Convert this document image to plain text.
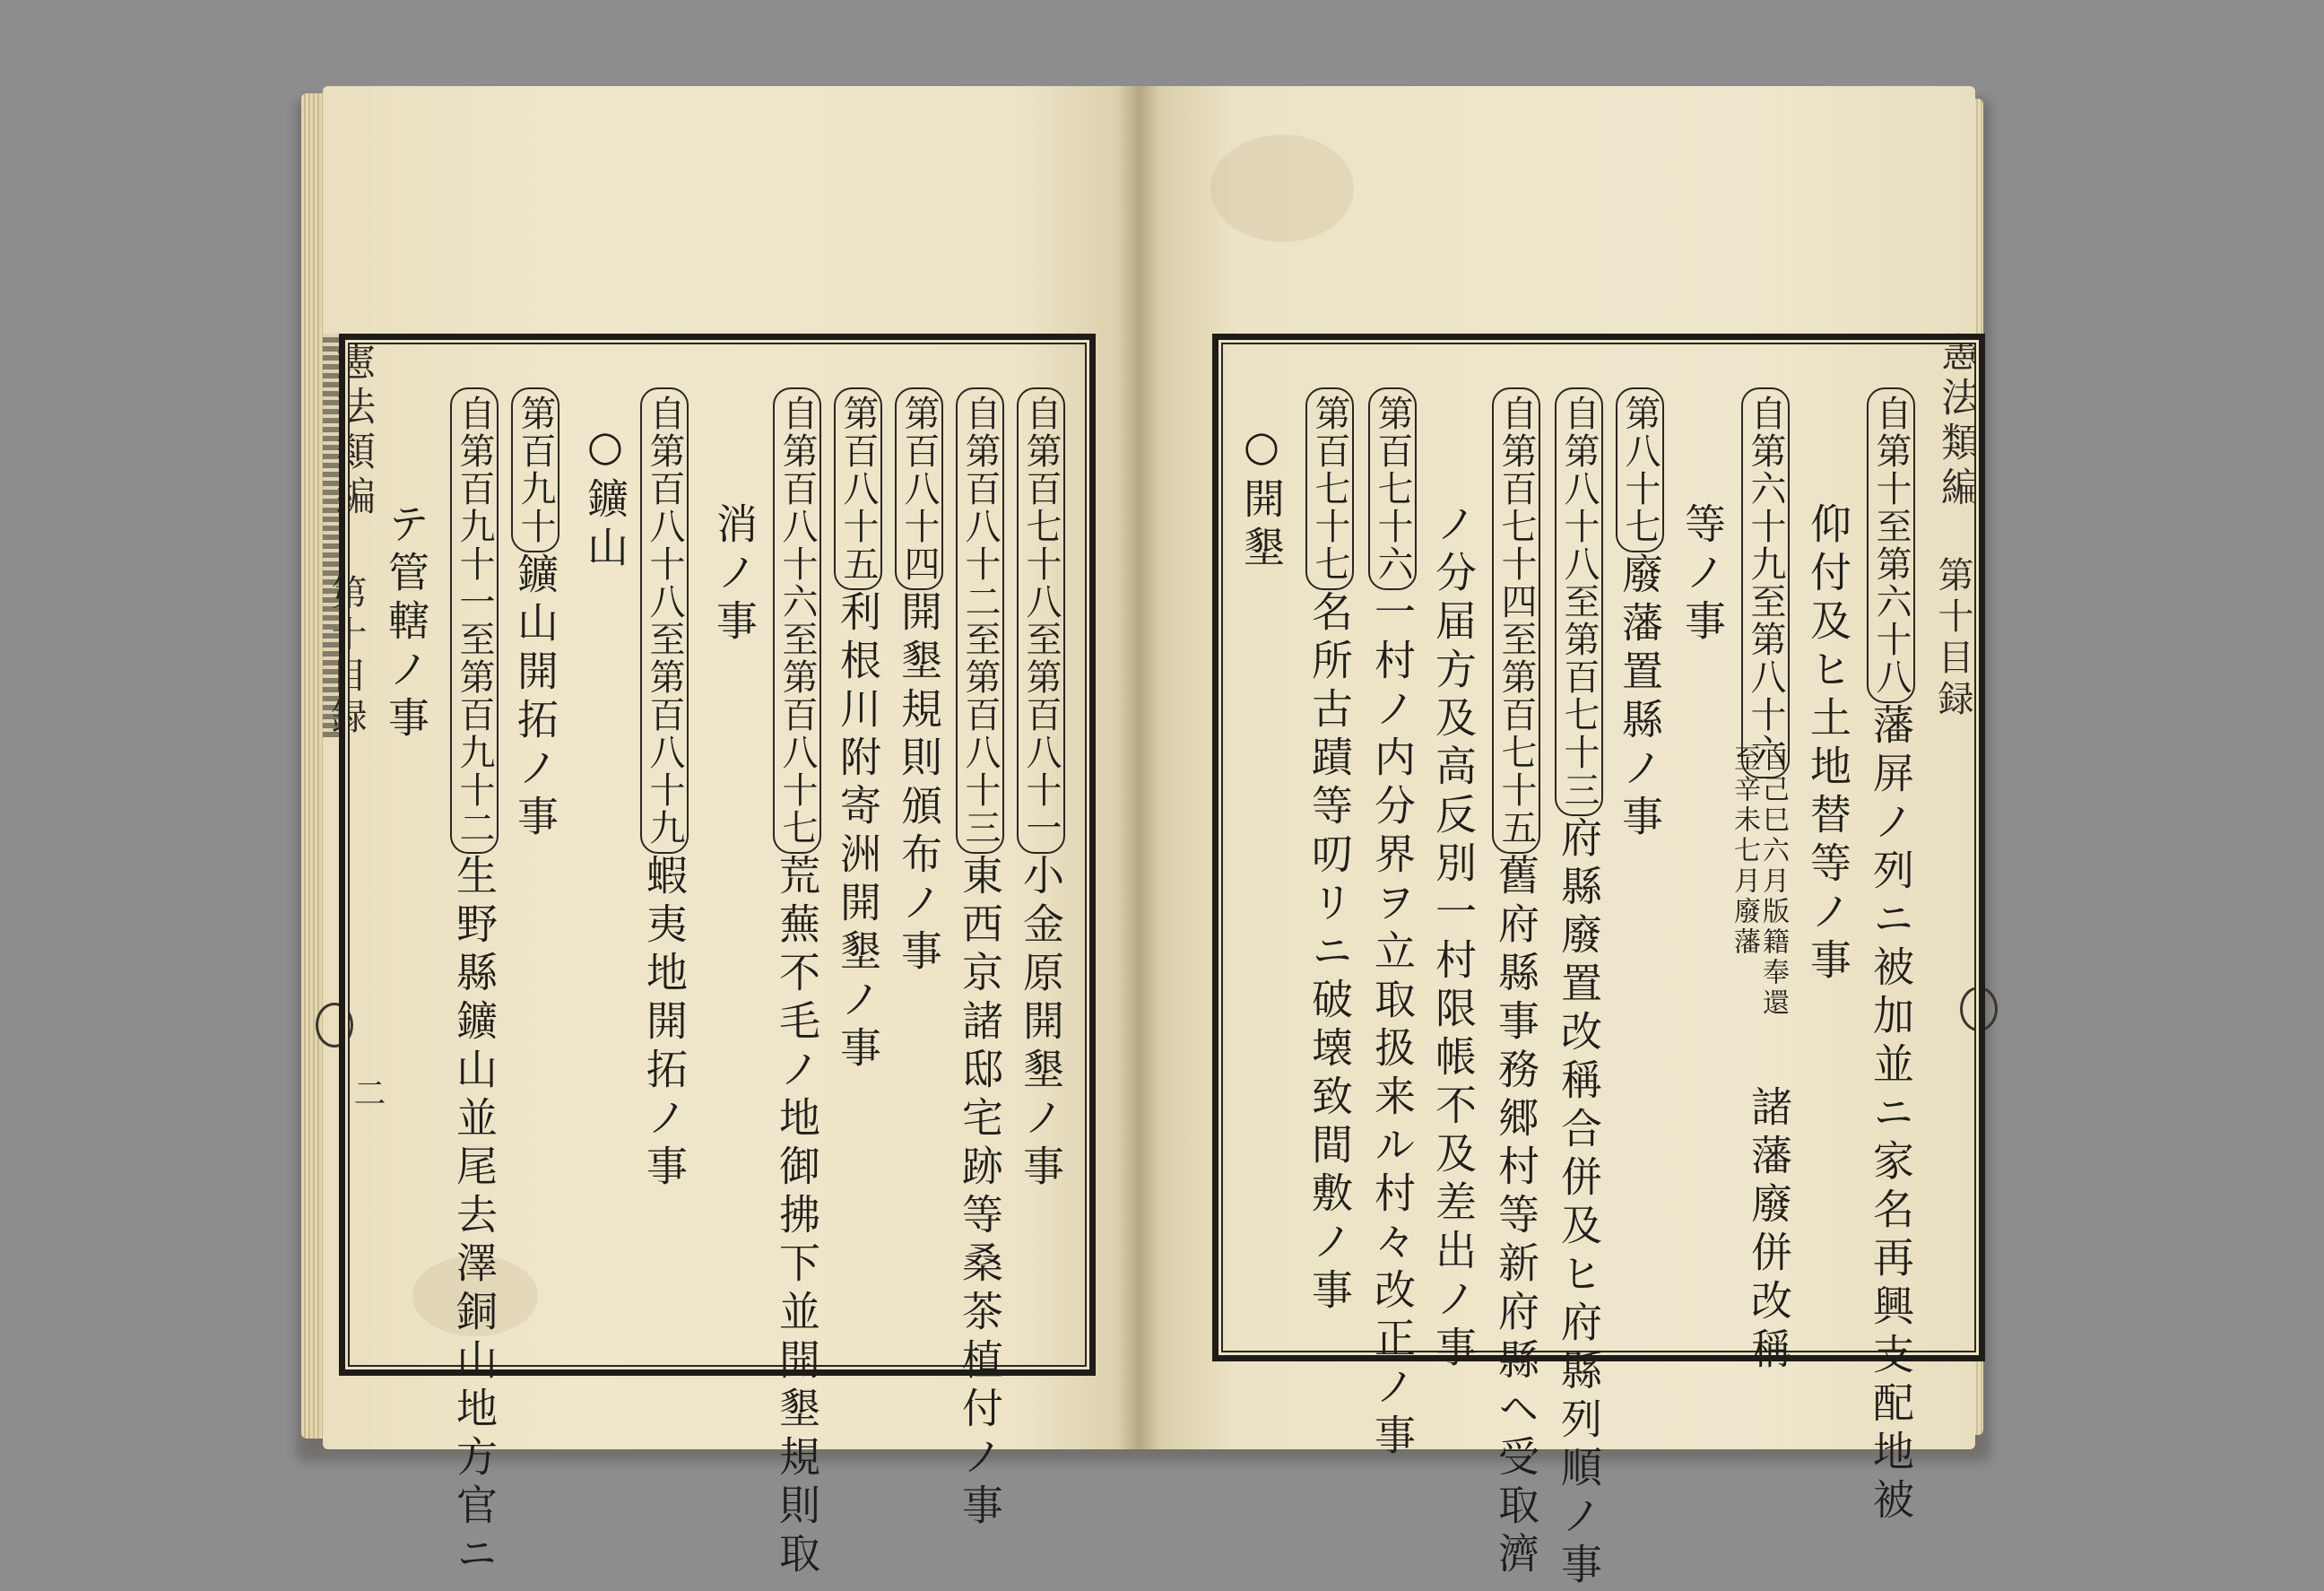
憲法類編
第十目録
二
憲法類編
第十目録
自第百七十八至第百八十一小金原開墾ノ事
自第百八十二至第百八十三東西京諸邸宅跡等桑茶植付ノ事
第百八十四開墾規則頒布ノ事
第百八十五利根川附寄洲開墾ノ事
自第百八十六至第百八十七荒蕪不毛ノ地御拂下並開墾規則取
消ノ事
自第百八十八至第百八十九蝦夷地開拓ノ事
○鑛山
第百九十鑛山開拓ノ事
自第百九十一至第百九十二生野縣鑛山並尾去澤銅山地方官ニ
テ管轄ノ事	自第十至第六十八藩屏ノ列ニ被加並ニ家名再興支配地被
仰付及ヒ土地替等ノ事
自第六十九至第八十六
自己巳六月版籍奉還
至辛未七月廢藩
諸藩廢併改稱
等ノ事
第八十七廢藩置縣ノ事
自第八十八至第百七十三府縣廢置改稱合併及ヒ府縣列順ノ事
自第百七十四至第百七十五舊府縣事務郷村等新府縣ヘ受取濟
ノ分届方及高反別一村限帳不及差出ノ事
第百七十六一村ノ内分界ヲ立取扱来ル村々改正ノ事
第百七十七名所古蹟等叨リニ破壊致間敷ノ事
○開墾
